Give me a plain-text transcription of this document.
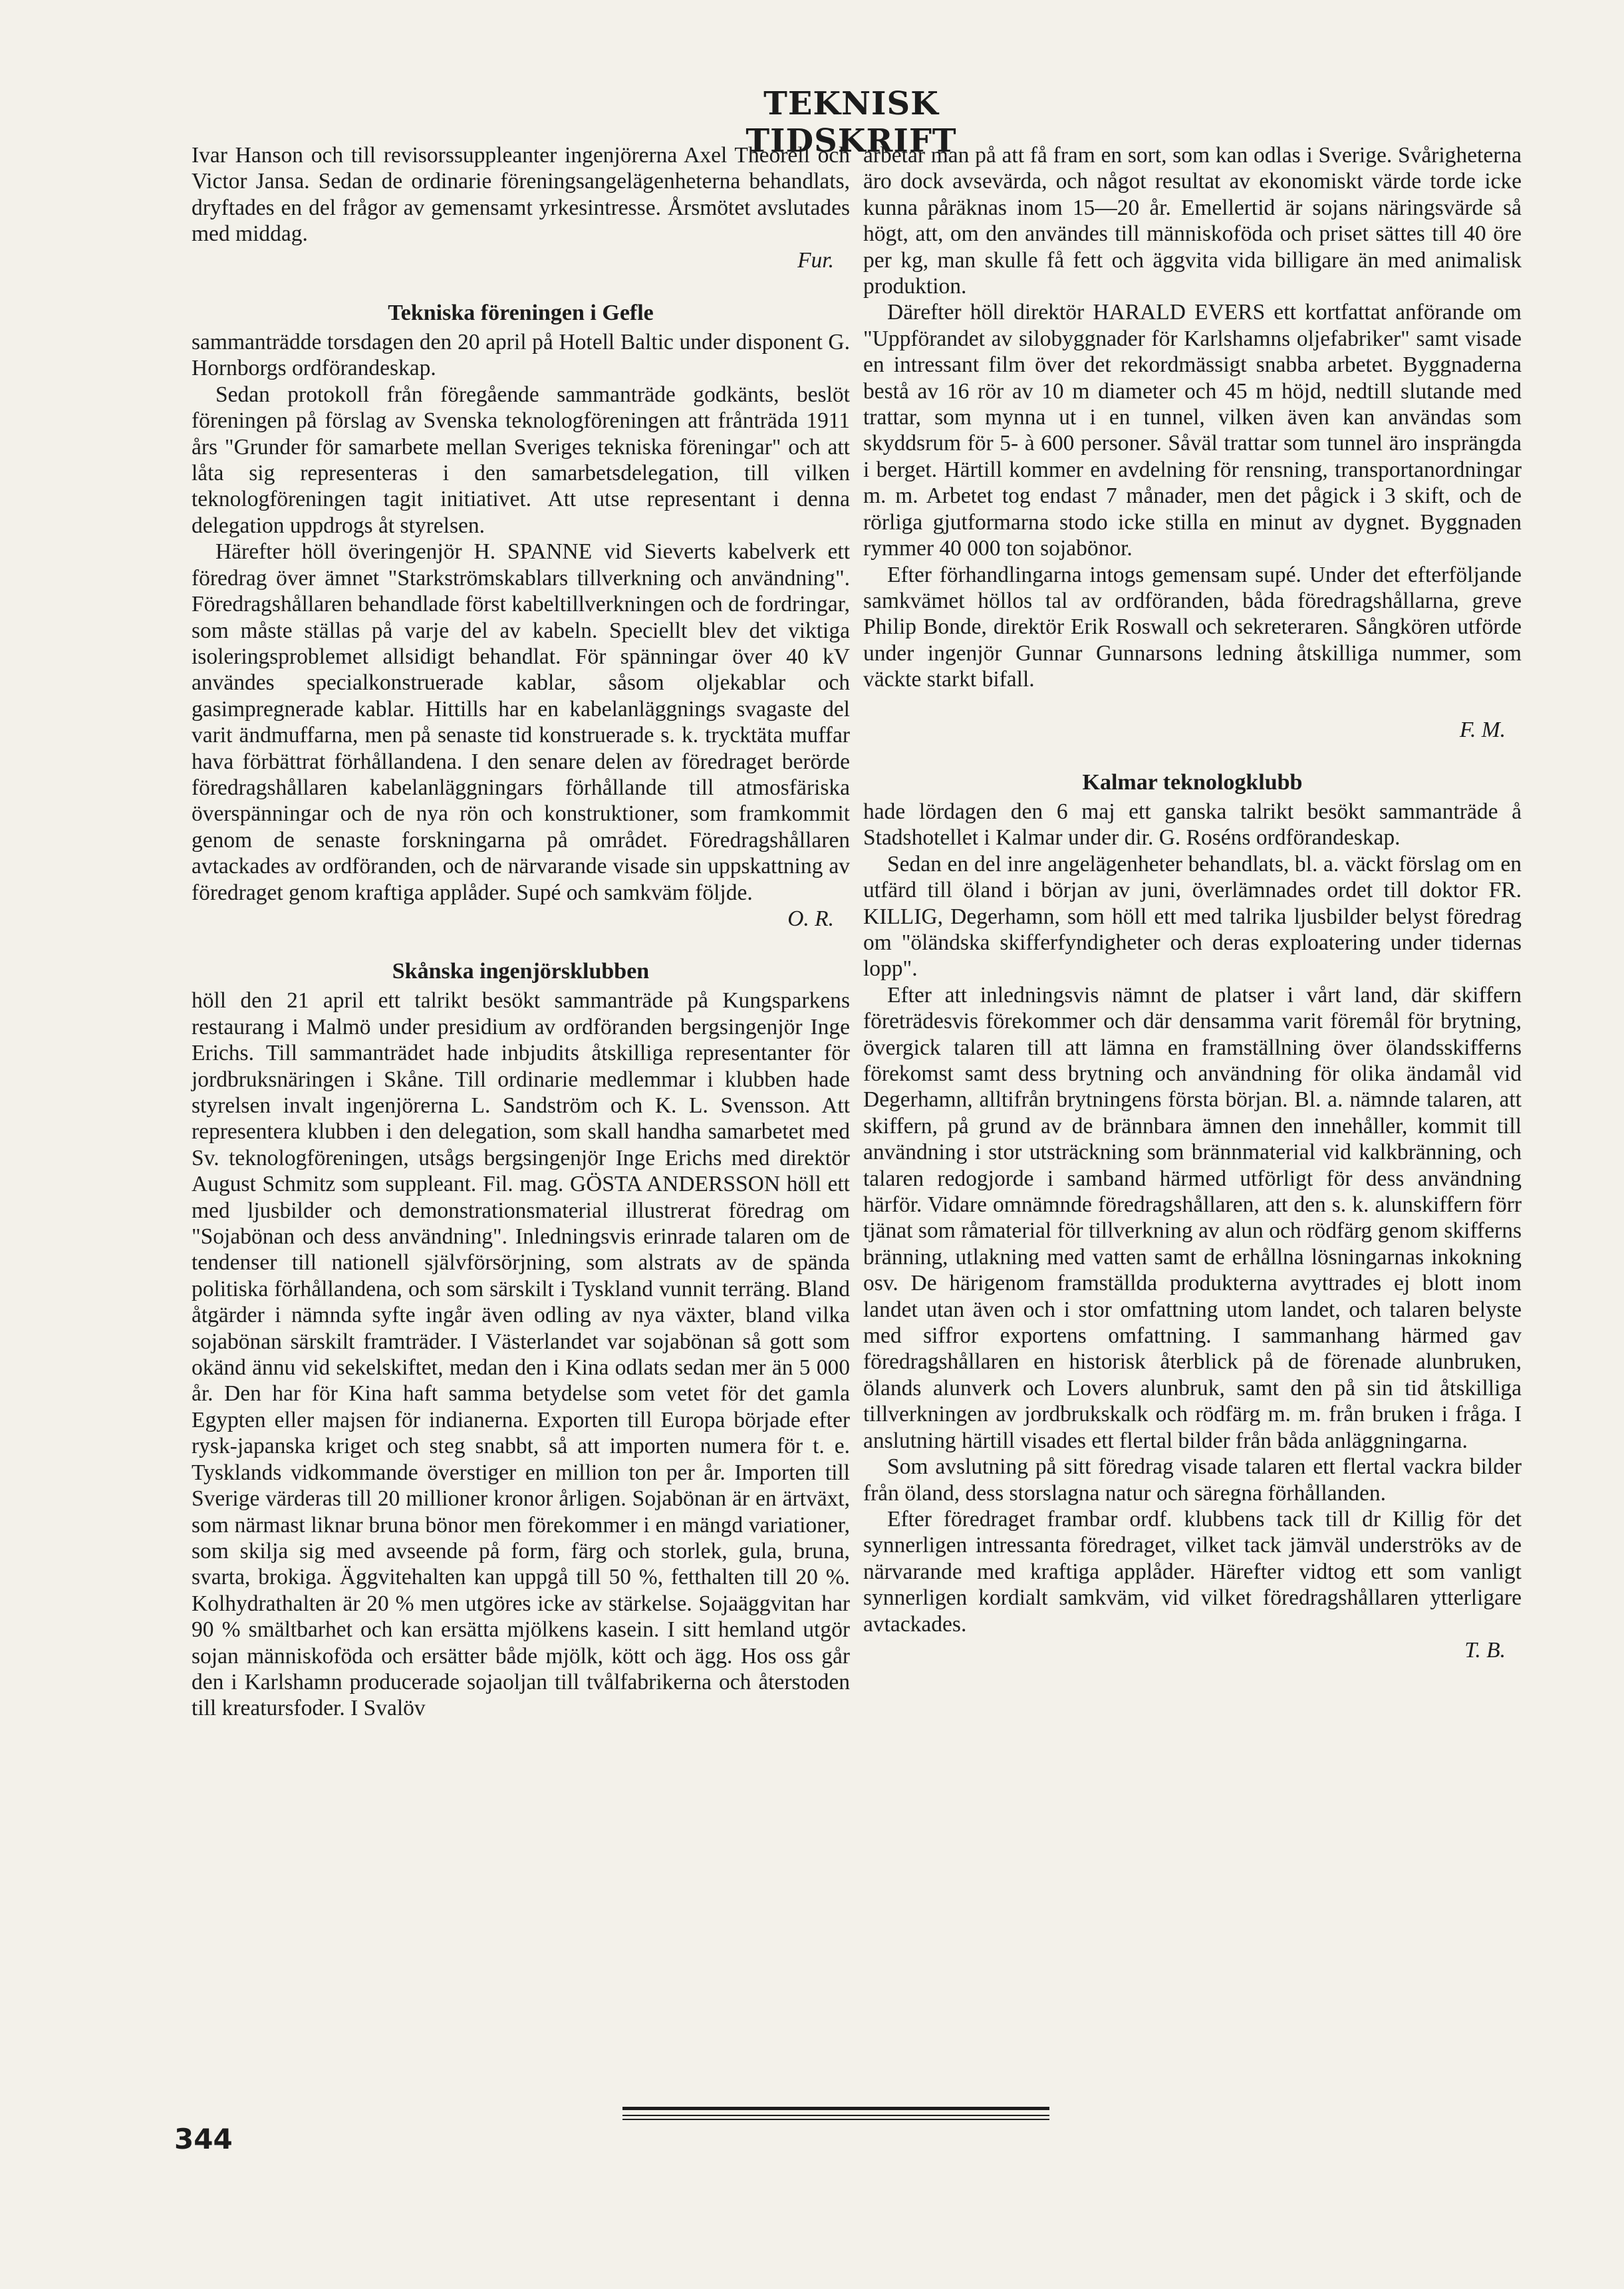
TEKNISK TIDSKRIFT

Ivar Hanson och till revisorssuppleanter ingenjörerna Axel Theorell och Victor Jansa. Sedan de ordinarie föreningsangelägenheterna behandlats, dryftades en del frågor av gemensamt yrkesintresse. Årsmötet avslutades med middag.

Fur.
Tekniska föreningen i Gefle

sammanträdde torsdagen den 20 april på Hotell Baltic under disponent G. Hornborgs ordförandeskap.

Sedan protokoll från föregående sammanträde godkänts, beslöt föreningen på förslag av Svenska teknologföreningen att frånträda 1911 års "Grunder för samarbete mellan Sveriges tekniska föreningar" och att låta sig representeras i den samarbetsdelegation, till vilken teknologföreningen tagit initiativet. Att utse representant i denna delegation uppdrogs åt styrelsen.

Härefter höll överingenjör H. SPANNE vid Sieverts kabelverk ett föredrag över ämnet "Starkströmskablars tillverkning och användning". Föredragshållaren behandlade först kabeltillverkningen och de fordringar, som måste ställas på varje del av kabeln. Speciellt blev det viktiga isoleringsproblemet allsidigt behandlat. För spänningar över 40 kV användes specialkonstruerade kablar, såsom oljekablar och gasimpregnerade kablar. Hittills har en kabelanläggnings svagaste del varit ändmuffarna, men på senaste tid konstruerade s. k. trycktäta muffar hava förbättrat förhållandena. I den senare delen av föredraget berörde föredragshållaren kabelanläggningars förhållande till atmosfäriska överspänningar och de nya rön och konstruktioner, som framkommit genom de senaste forskningarna på området. Föredragshållaren avtackades av ordföranden, och de närvarande visade sin uppskattning av föredraget genom kraftiga applåder. Supé och samkväm följde.

O. R.
Skånska ingenjörsklubben

höll den 21 april ett talrikt besökt sammanträde på Kungsparkens restaurang i Malmö under presidium av ordföranden bergsingenjör Inge Erichs. Till sammanträdet hade inbjudits åtskilliga representanter för jordbruksnäringen i Skåne. Till ordinarie medlemmar i klubben hade styrelsen invalt ingenjörerna L. Sandström och K. L. Svensson. Att representera klubben i den delegation, som skall handha samarbetet med Sv. teknologföreningen, utsågs bergsingenjör Inge Erichs med direktör August Schmitz som suppleant. Fil. mag. GÖSTA ANDERSSON höll ett med ljusbilder och demonstrationsmaterial illustrerat föredrag om "Sojabönan och dess användning". Inledningsvis erinrade talaren om de tendenser till nationell självförsörjning, som alstrats av de spända politiska förhållandena, och som särskilt i Tyskland vunnit terräng. Bland åtgärder i nämnda syfte ingår även odling av nya växter, bland vilka sojabönan särskilt framträder. I Västerlandet var sojabönan så gott som okänd ännu vid sekelskiftet, medan den i Kina odlats sedan mer än 5 000 år. Den har för Kina haft samma betydelse som vetet för det gamla Egypten eller majsen för indianerna. Exporten till Europa började efter rysk-japanska kriget och steg snabbt, så att importen numera för t. e. Tysklands vidkommande överstiger en million ton per år. Importen till Sverige värderas till 20 millioner kronor årligen. Sojabönan är en ärtväxt, som närmast liknar bruna bönor men förekommer i en mängd variationer, som skilja sig med avseende på form, färg och storlek, gula, bruna, svarta, brokiga. Äggvitehalten kan uppgå till 50 %, fetthalten till 20 %. Kolhydrathalten är 20 % men utgöres icke av stärkelse. Sojaäggvitan har 90 % smältbarhet och kan ersätta mjölkens kasein. I sitt hemland utgör sojan människoföda och ersätter både mjölk, kött och ägg. Hos oss går den i Karlshamn producerade sojaoljan till tvålfabrikerna och återstoden till kreatursfoder. I Svalöv

arbetar man på att få fram en sort, som kan odlas i Sverige. Svårigheterna äro dock avsevärda, och något resultat av ekonomiskt värde torde icke kunna påräknas inom 15—20 år. Emellertid är sojans näringsvärde så högt, att, om den användes till människoföda och priset sättes till 40 öre per kg, man skulle få fett och äggvita vida billigare än med animalisk produktion.

Därefter höll direktör HARALD EVERS ett kortfattat anförande om "Uppförandet av silobyggnader för Karlshamns oljefabriker" samt visade en intressant film över det rekordmässigt snabba arbetet. Byggnaderna bestå av 16 rör av 10 m diameter och 45 m höjd, nedtill slutande med trattar, som mynna ut i en tunnel, vilken även kan användas som skyddsrum för 5- à 600 personer. Såväl trattar som tunnel äro insprängda i berget. Härtill kommer en avdelning för rensning, transportanordningar m. m. Arbetet tog endast 7 månader, men det pågick i 3 skift, och de rörliga gjutformarna stodo icke stilla en minut av dygnet. Byggnaden rymmer 40 000 ton sojabönor.

Efter förhandlingarna intogs gemensam supé. Under det efterföljande samkvämet höllos tal av ordföranden, båda föredragshållarna, greve Philip Bonde, direktör Erik Roswall och sekreteraren. Sångkören utförde under ingenjör Gunnar Gunnarsons ledning åtskilliga nummer, som väckte starkt bifall.

F. M.
Kalmar teknologklubb

hade lördagen den 6 maj ett ganska talrikt besökt sammanträde å Stadshotellet i Kalmar under dir. G. Roséns ordförandeskap.

Sedan en del inre angelägenheter behandlats, bl. a. väckt förslag om en utfärd till öland i början av juni, överlämnades ordet till doktor FR. KILLIG, Degerhamn, som höll ett med talrika ljusbilder belyst föredrag om "öländska skifferfyndigheter och deras exploatering under tidernas lopp".

Efter att inledningsvis nämnt de platser i vårt land, där skiffern företrädesvis förekommer och där densamma varit föremål för brytning, övergick talaren till att lämna en framställning över ölandsskifferns förekomst samt dess brytning och användning för olika ändamål vid Degerhamn, alltifrån brytningens första början. Bl. a. nämnde talaren, att skiffern, på grund av de brännbara ämnen den innehåller, kommit till användning i stor utsträckning som brännmaterial vid kalkbränning, och talaren redogjorde i samband härmed utförligt för dess användning härför. Vidare omnämnde föredragshållaren, att den s. k. alunskiffern förr tjänat som råmaterial för tillverkning av alun och rödfärg genom skifferns bränning, utlakning med vatten samt de erhållna lösningarnas inkokning osv. De härigenom framställda produkterna avyttrades ej blott inom landet utan även och i stor omfattning utom landet, och talaren belyste med siffror exportens omfattning. I sammanhang härmed gav föredragshållaren en historisk återblick på de förenade alunbruken, ölands alunverk och Lovers alunbruk, samt den på sin tid åtskilliga tillverkningen av jordbrukskalk och rödfärg m. m. från bruken i fråga. I anslutning härtill visades ett flertal bilder från båda anläggningarna.

Som avslutning på sitt föredrag visade talaren ett flertal vackra bilder från öland, dess storslagna natur och säregna förhållanden.

Efter föredraget frambar ordf. klubbens tack till dr Killig för det synnerligen intressanta föredraget, vilket tack jämväl underströks av de närvarande med kraftiga applåder. Härefter vidtog ett som vanligt synnerligen kordialt samkväm, vid vilket föredragshållaren ytterligare avtackades.

T. B.
344
